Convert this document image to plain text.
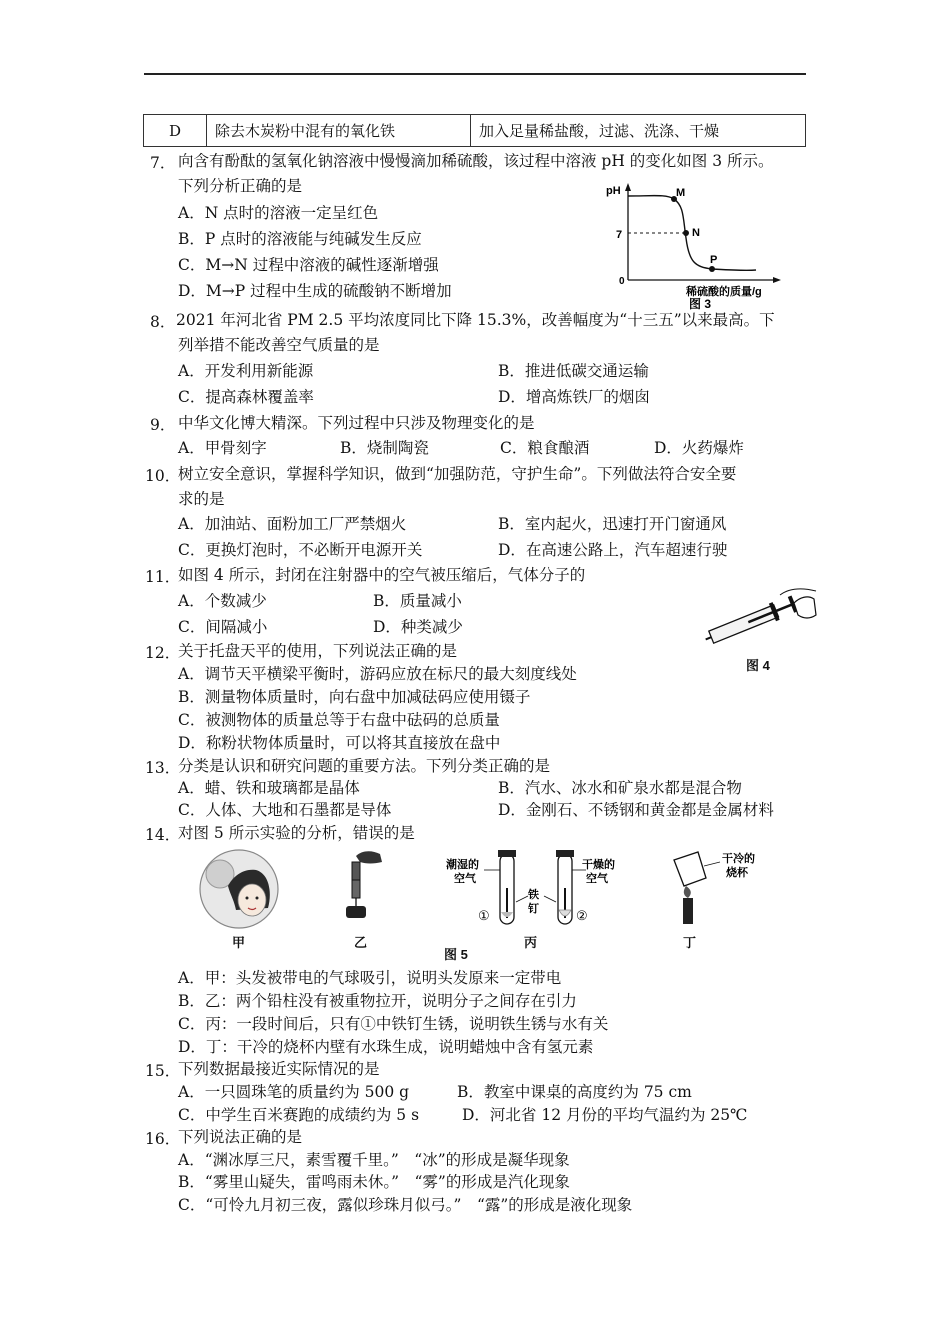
D	除去木炭粉中混有的氧化铁	加入足量稀盐酸，过滤、洗涤、干燥
7． 向含有酚酞的氢氧化钠溶液中慢慢滴加稀硫酸，该过程中溶液 pH 的变化如图 3 所示。
下列分析正确的是
A．N 点时的溶液一定呈红色
B．P 点时的溶液能与纯碱发生反应
C．M→N 过程中溶液的碱性逐渐增强
D．M→P 过程中生成的硫酸钠不断增加
pH
7
0
M
N
P
稀硫酸的质量/g
图 3
8． 2021 年河北省 PM 2.5 平均浓度同比下降 15.3%，改善幅度为“十三五”以来最高。下
列举措不能改善空气质量的是
A．开发利用新能源	B．推进低碳交通运输
C．提高森林覆盖率	D．增高炼铁厂的烟囱
9． 中华文化博大精深。下列过程中只涉及物理变化的是
A．甲骨刻字	B．烧制陶瓷	C．粮食酿酒	D．火药爆炸
10．
树立安全意识，掌握科学知识，做到“加强防范，守护生命”。下列做法符合安全要
求的是
A．加油站、面粉加工厂严禁烟火	B．室内起火，迅速打开门窗通风
C．更换灯泡时，不必断开电源开关	D．在高速公路上，汽车超速行驶
11．
如图 4 所示，封闭在注射器中的空气被压缩后，气体分子的
A．个数减少	B．质量减小
C．间隔减小	D．种类减少
图 4
12．
关于托盘天平的使用，下列说法正确的是
A．调节天平横梁平衡时，游码应放在标尺的最大刻度线处
B．测量物体质量时，向右盘中加减砝码应使用镊子
C．被测物体的质量总等于右盘中砝码的总质量
D．称粉状物体质量时，可以将其直接放在盘中
13．
分类是认识和研究问题的重要方法。下列分类正确的是
A．蜡、铁和玻璃都是晶体	B．汽水、冰水和矿泉水都是混合物
C．人体、大地和石墨都是导体	D．金刚石、不锈钢和黄金都是金属材料
14．
对图 5 所示实验的分析，错误的是
甲	乙
潮湿的
空气
干燥的
空气
铁
钉
①	②
丙
图 5
干冷的
烧杯
丁
A．甲：头发被带电的气球吸引，说明头发原来一定带电
B．乙：两个铅柱没有被重物拉开，说明分子之间存在引力
C．丙：一段时间后，只有①中铁钉生锈，说明铁生锈与水有关
D．丁：干冷的烧杯内壁有水珠生成，说明蜡烛中含有氢元素
15．
下列数据最接近实际情况的是
A．一只圆珠笔的质量约为 500 g	B．教室中课桌的高度约为 75 cm
C．中学生百米赛跑的成绩约为 5 s	D．河北省 12 月份的平均气温约为 25℃
16．
下列说法正确的是
A．“渊冰厚三尺，素雪覆千里。”　“冰”的形成是凝华现象
B．“雾里山疑失，雷鸣雨未休。”　“雾”的形成是汽化现象
C．“可怜九月初三夜，露似珍珠月似弓。”　“露”的形成是液化现象
